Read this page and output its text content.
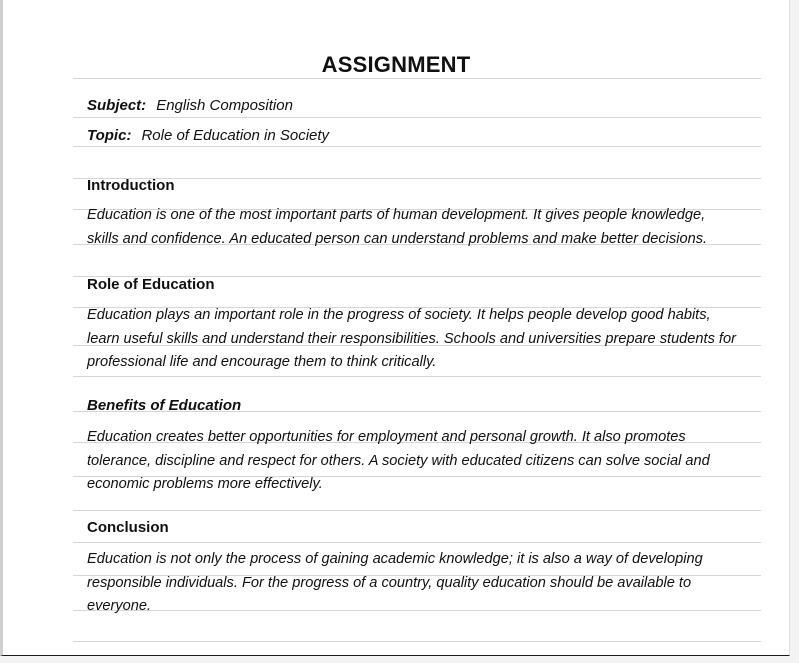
ASSIGNMENT
Subject: English Composition
Topic: Role of Education in Society
Introduction
Education is one of the most important parts of human development. It gives people knowledge,
skills and confidence. An educated person can understand problems and make better decisions.
Role of Education
Education plays an important role in the progress of society. It helps people develop good habits,
learn useful skills and understand their responsibilities. Schools and universities prepare students for
professional life and encourage them to think critically.
Benefits of Education
Education creates better opportunities for employment and personal growth. It also promotes
tolerance, discipline and respect for others. A society with educated citizens can solve social and
economic problems more effectively.
Conclusion
Education is not only the process of gaining academic knowledge; it is also a way of developing
responsible individuals. For the progress of a country, quality education should be available to
everyone.
